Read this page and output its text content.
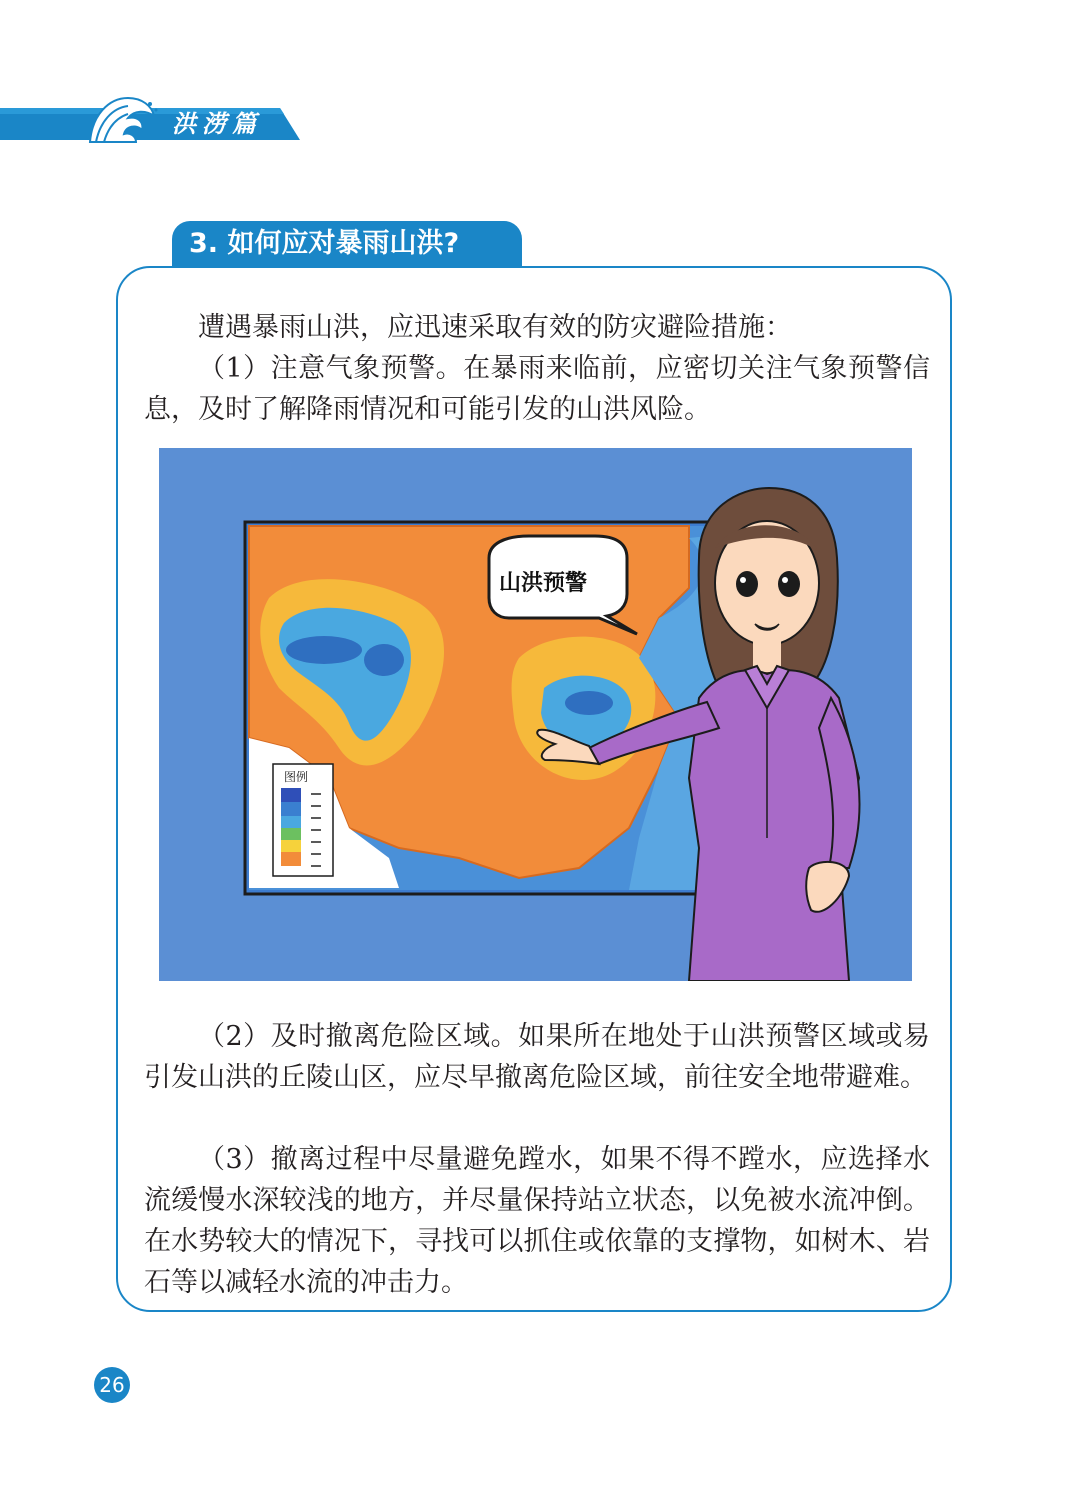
洪涝篇
3. 如何应对暴雨山洪?

遭遇暴雨山洪，应迅速采取有效的防灾避险措施：

（1）注意气象预警。在暴雨来临前，应密切关注气象预警信息，及时了解降雨情况和可能引发的山洪风险。

山洪预警
图例

（2）及时撤离危险区域。如果所在地处于山洪预警区域或易引发山洪的丘陵山区，应尽早撤离危险区域，前往安全地带避难。

（3）撤离过程中尽量避免蹚水，如果不得不蹚水，应选择水流缓慢水深较浅的地方，并尽量保持站立状态，以免被水流冲倒。在水势较大的情况下，寻找可以抓住或依靠的支撑物，如树木、岩石等以减轻水流的冲击力。

26
